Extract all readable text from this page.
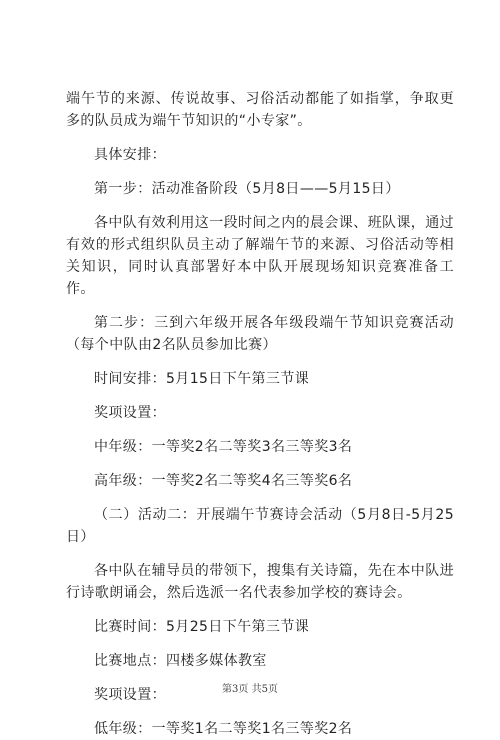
端午节的来源、传说故事、习俗活动都能了如指掌，争取更多的队员成为端午节知识的“小专家”。

具体安排：

第一步：活动准备阶段（5月8日——5月15日）

各中队有效利用这一段时间之内的晨会课、班队课，通过有效的形式组织队员主动了解端午节的来源、习俗活动等相关知识，同时认真部署好本中队开展现场知识竞赛准备工作。

第二步：三到六年级开展各年级段端午节知识竞赛活动（每个中队由2名队员参加比赛）

时间安排：5月15日下午第三节课

奖项设置：

中年级：一等奖2名二等奖3名三等奖3名

高年级：一等奖2名二等奖4名三等奖6名

（二）活动二：开展端午节赛诗会活动（5月8日-5月25日）

各中队在辅导员的带领下，搜集有关诗篇，先在本中队进行诗歌朗诵会，然后选派一名代表参加学校的赛诗会。

比赛时间：5月25日下午第三节课

比赛地点：四楼多媒体教室

奖项设置：

低年级：一等奖1名二等奖1名三等奖2名

第3页 共5页
